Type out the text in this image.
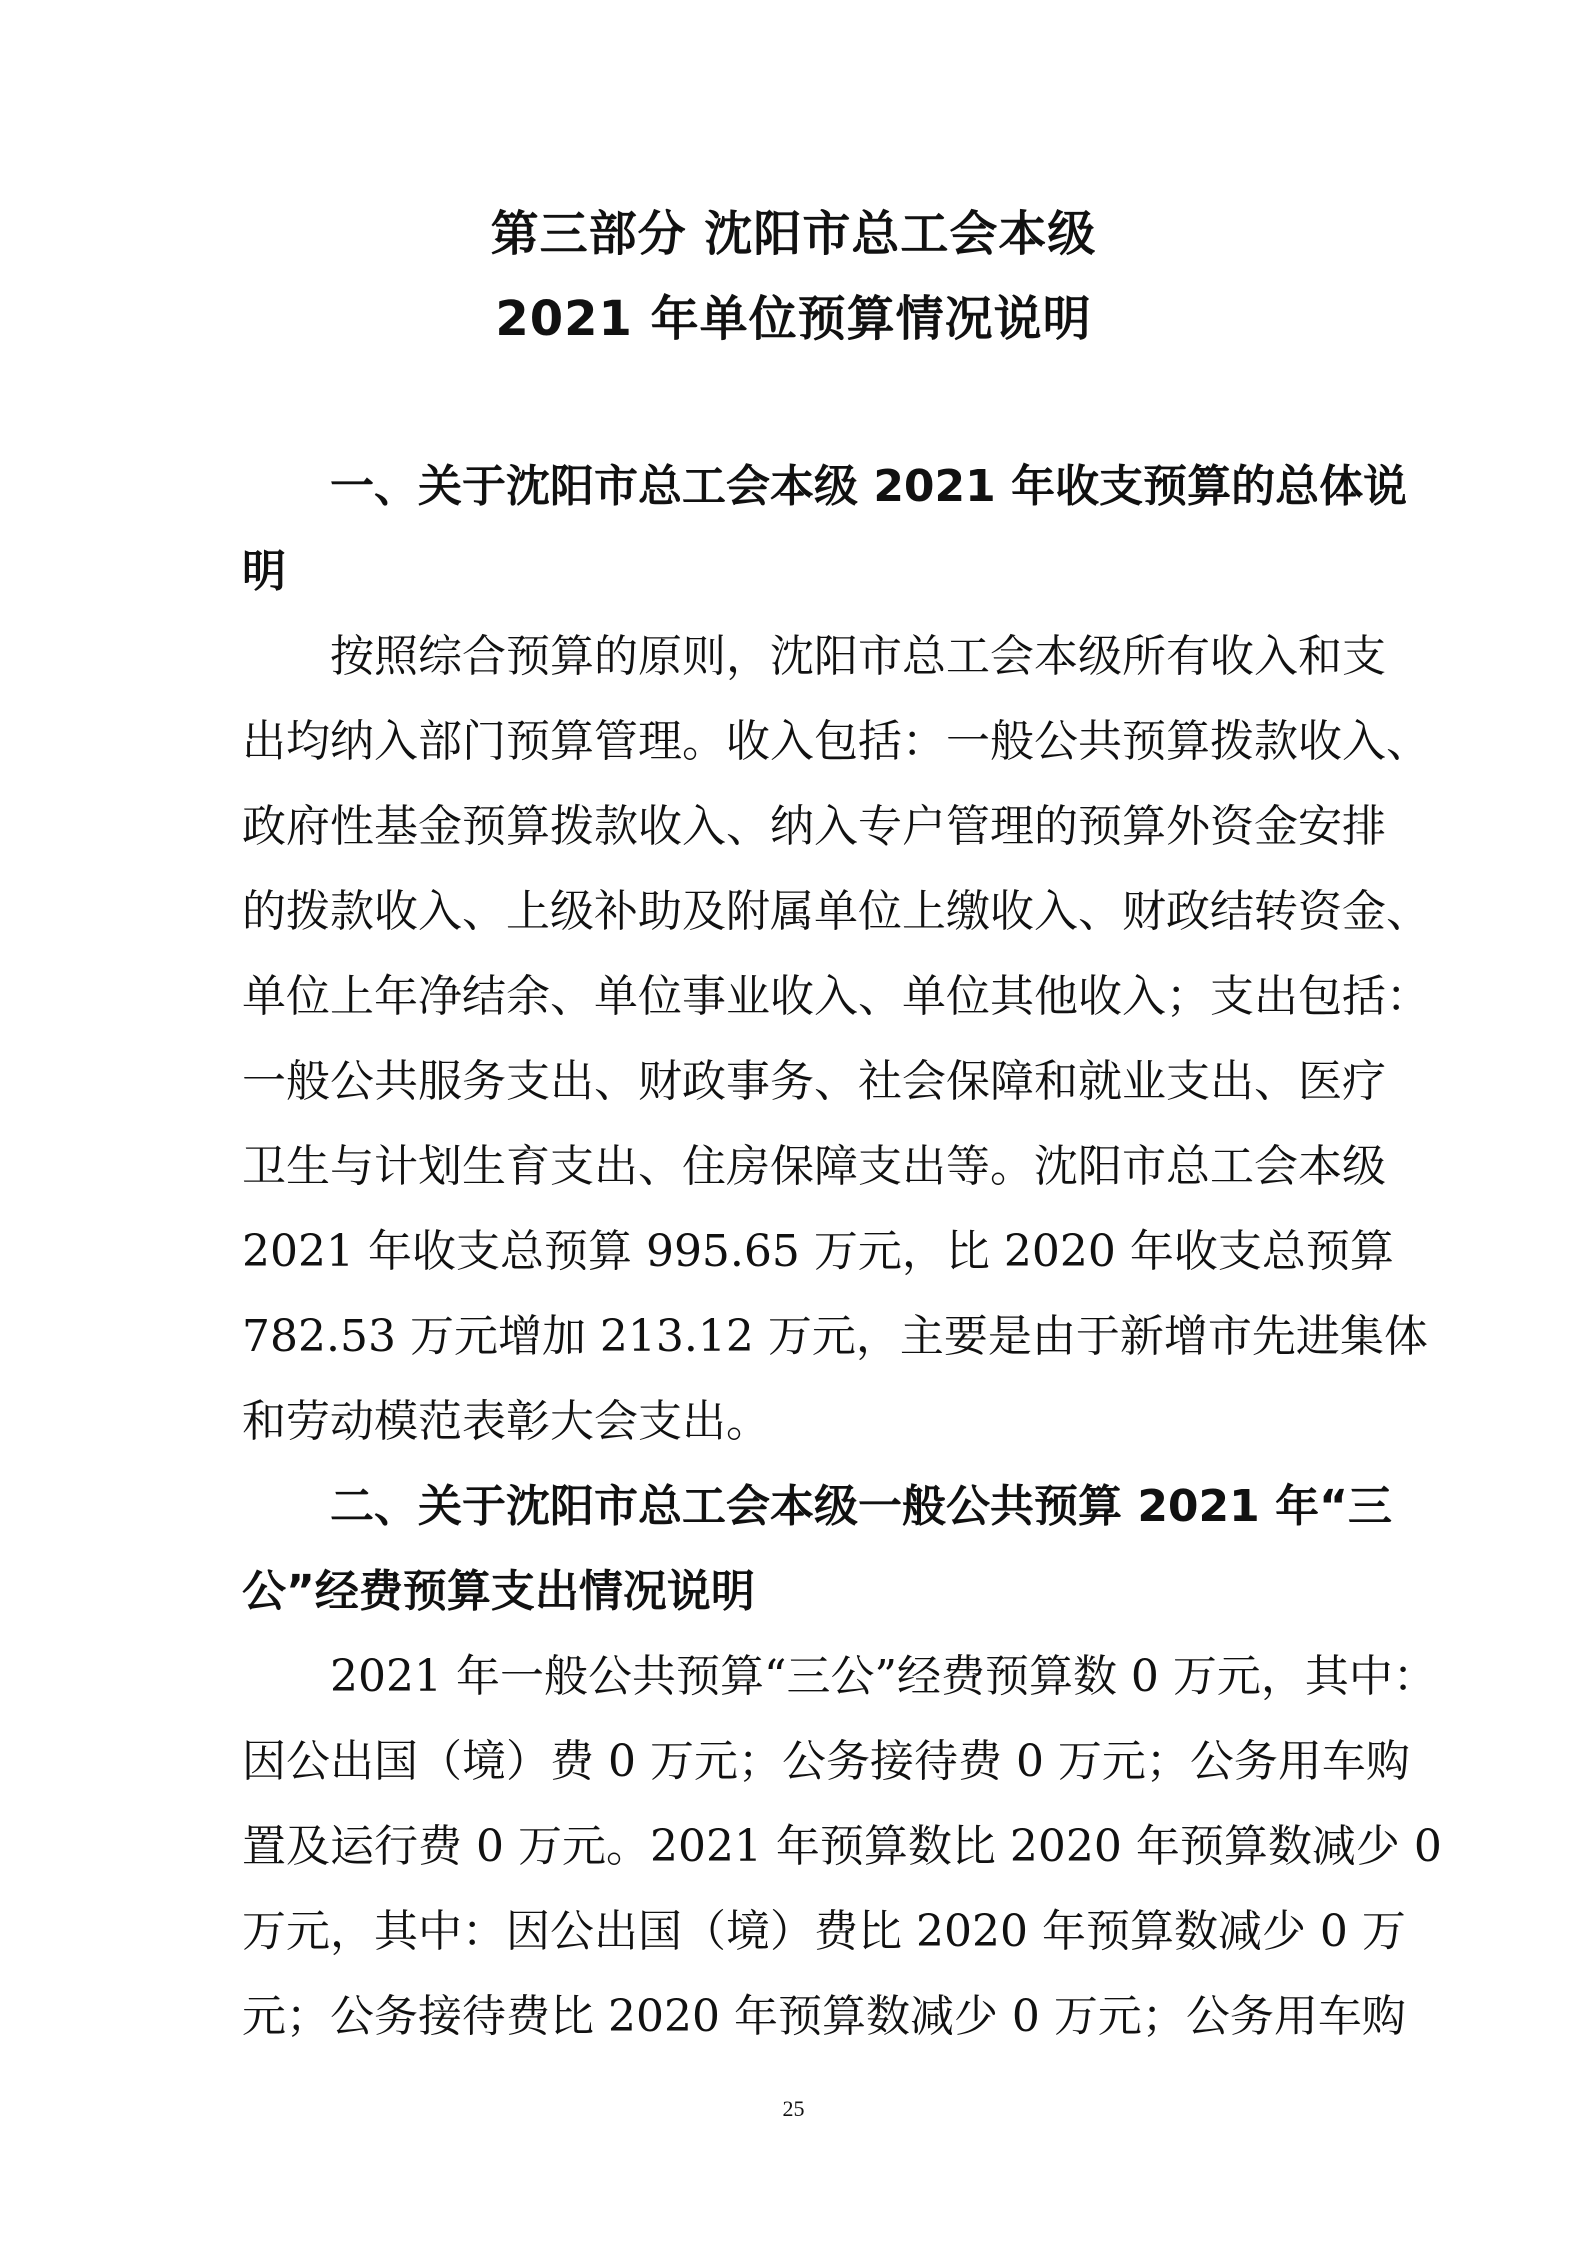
第三部分 沈阳市总工会本级
2021 年单位预算情况说明
一、关于沈阳市总工会本级 2021 年收支预算的总体说
明
按照综合预算的原则，沈阳市总工会本级所有收入和支
出均纳入部门预算管理。收入包括：一般公共预算拨款收入、
政府性基金预算拨款收入、纳入专户管理的预算外资金安排
的拨款收入、上级补助及附属单位上缴收入、财政结转资金、
单位上年净结余、单位事业收入、单位其他收入；支出包括：
一般公共服务支出、财政事务、社会保障和就业支出、医疗
卫生与计划生育支出、住房保障支出等。沈阳市总工会本级
2021 年收支总预算 995.65 万元，比 2020 年收支总预算
782.53 万元增加 213.12 万元，主要是由于新增市先进集体
和劳动模范表彰大会支出。
二、关于沈阳市总工会本级一般公共预算 2021 年“三
公”经费预算支出情况说明
2021 年一般公共预算“三公”经费预算数 0 万元，其中：
因公出国（境）费 0 万元；公务接待费 0 万元；公务用车购
置及运行费 0 万元。2021 年预算数比 2020 年预算数减少 0
万元，其中：因公出国（境）费比 2020 年预算数减少 0 万
元；公务接待费比 2020 年预算数减少 0 万元；公务用车购
25
